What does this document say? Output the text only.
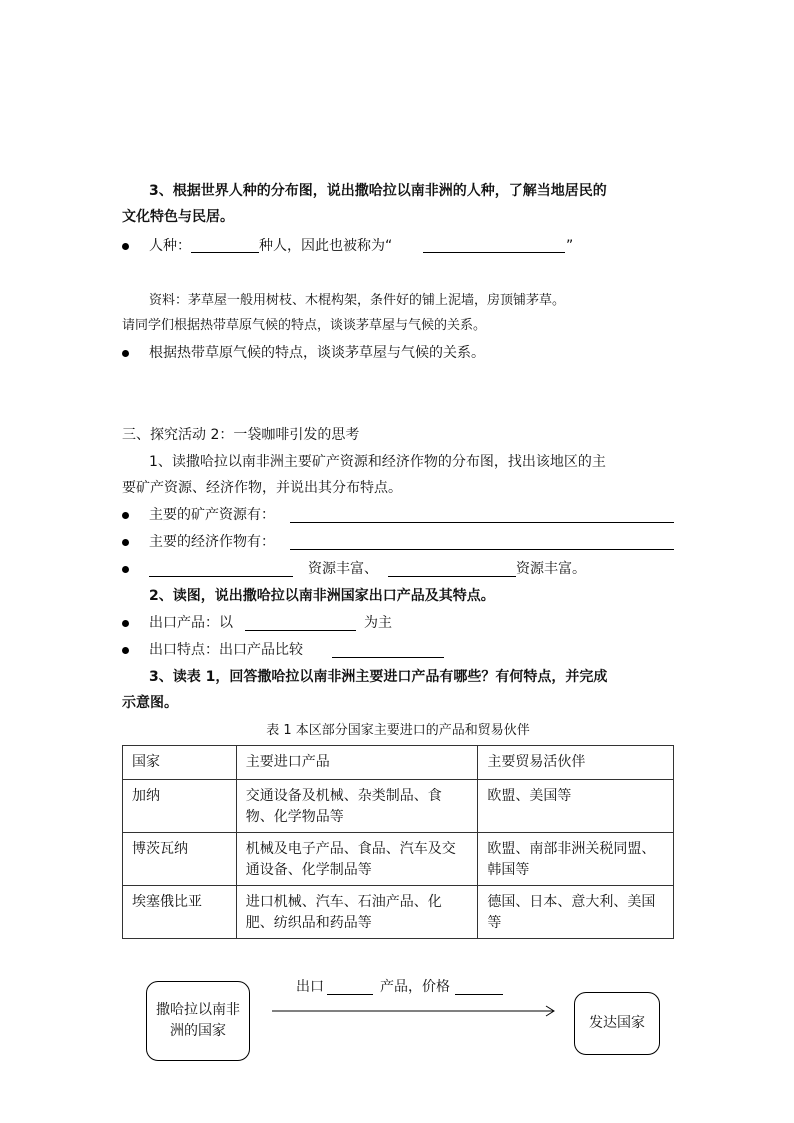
3、根据世界人种的分布图，说出撒哈拉以南非洲的人种，了解当地居民的
文化特色与民居。
人种：	种人，因此也被称为“	”
资料：茅草屋一般用树枝、木棍构架，条件好的铺上泥墙，房顶铺茅草。
请同学们根据热带草原气候的特点，谈谈茅草屋与气候的关系。
根据热带草原气候的特点，谈谈茅草屋与气候的关系。
三、探究活动 2：一袋咖啡引发的思考
1、读撒哈拉以南非洲主要矿产资源和经济作物的分布图，找出该地区的主
要矿产资源、经济作物，并说出其分布特点。
主要的矿产资源有：
主要的经济作物有：
资源丰富、	资源丰富。
2、读图，说出撒哈拉以南非洲国家出口产品及其特点。
出口产品：以	为主
出口特点：出口产品比较
3、读表 1，回答撒哈拉以南非洲主要进口产品有哪些？有何特点，并完成
示意图。
表 1 本区部分国家主要进口的产品和贸易伙伴
国家	主要进口产品	主要贸易活伙伴
加纳	交通设备及机械、杂类制品、食物、化学物品等	欧盟、美国等
博茨瓦纳	机械及电子产品、食品、汽车及交通设备、化学制品等	欧盟、南部非洲关税同盟、韩国等
埃塞俄比亚	进口机械、汽车、石油产品、化肥、纺织品和药品等	德国、日本、意大利、美国等
撒哈拉以南非洲的国家
出口	产品，价格
发达国家
